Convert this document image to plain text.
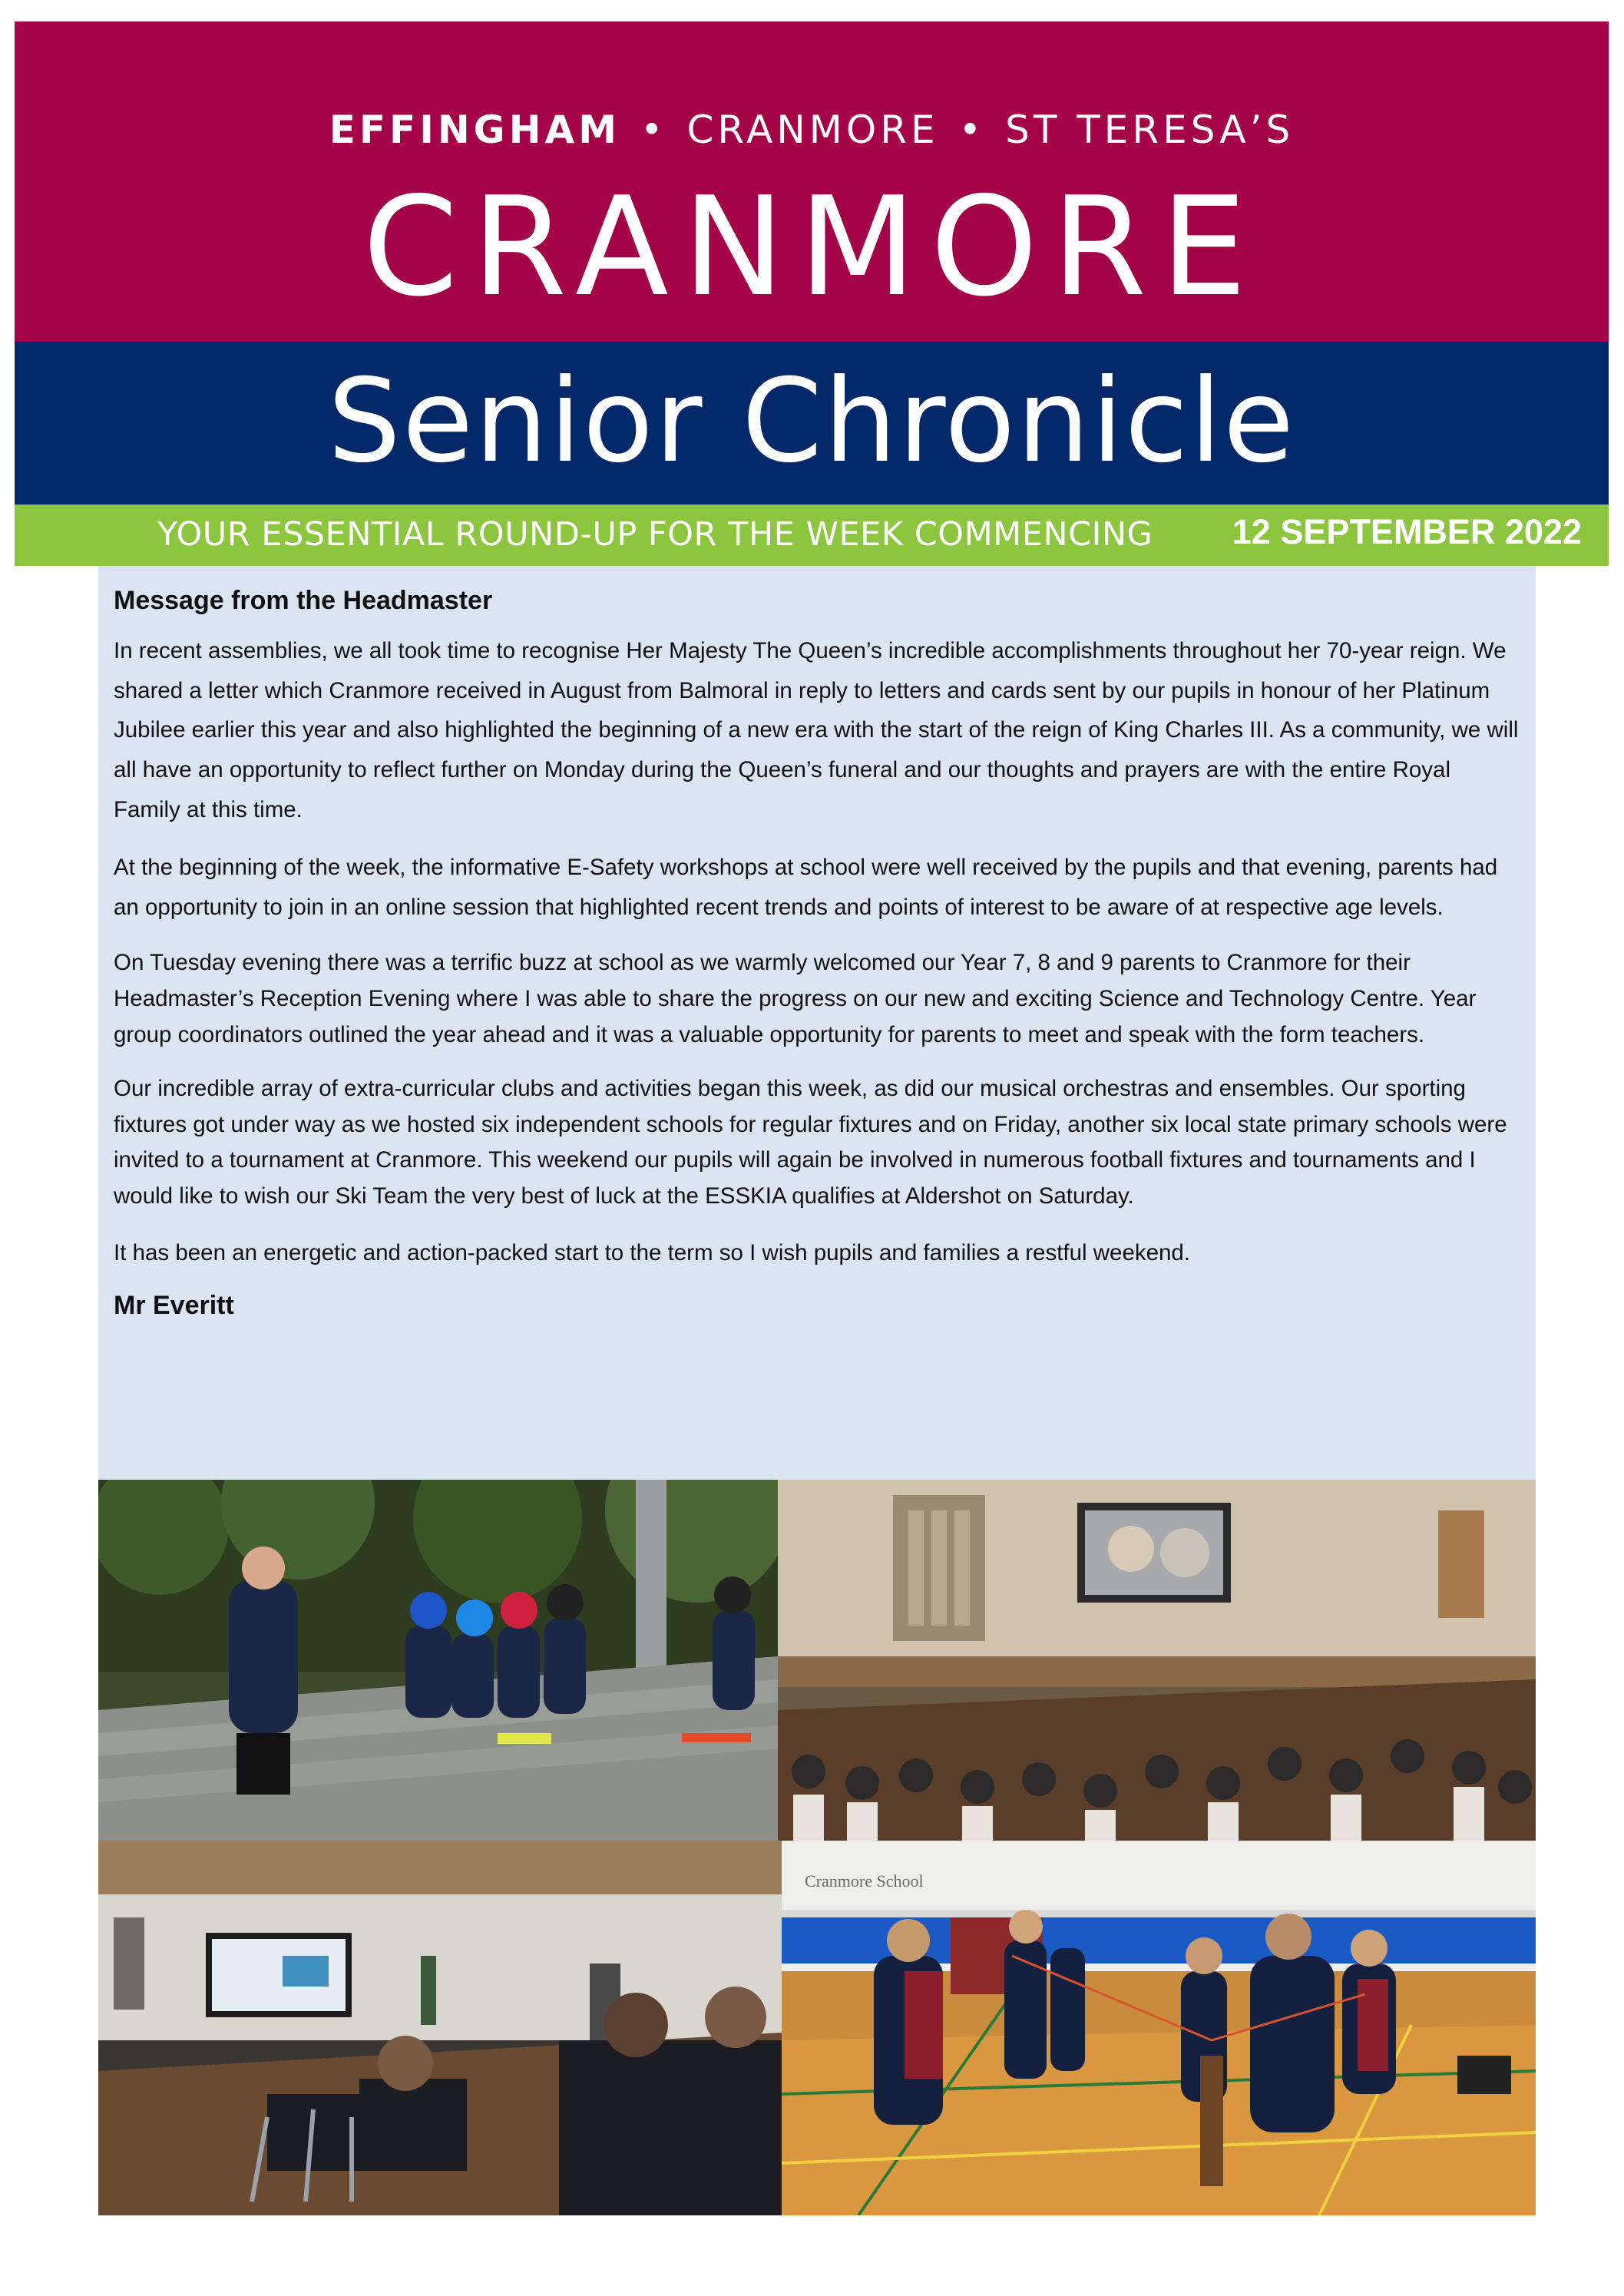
EFFINGHAM • CRANMORE • ST TERESA’S
CRANMORE
Senior Chronicle
YOUR ESSENTIAL ROUND-UP FOR THE WEEK COMMENCING 12 SEPTEMBER 2022
Message from the Headmaster

In recent assemblies, we all took time to recognise Her Majesty The Queen’s incredible accomplishments throughout her 70-year reign. We shared a letter which Cranmore received in August from Balmoral in reply to letters and cards sent by our pupils in honour of her Platinum Jubilee earlier this year and also highlighted the beginning of a new era with the start of the reign of King Charles III. As a community, we will all have an opportunity to reflect further on Monday during the Queen’s funeral and our thoughts and prayers are with the entire Royal Family at this time.

At the beginning of the week, the informative E-Safety workshops at school were well received by the pupils and that evening, parents had an opportunity to join in an online session that highlighted recent trends and points of interest to be aware of at respective age levels.

On Tuesday evening there was a terrific buzz at school as we warmly welcomed our Year 7, 8 and 9 parents to Cranmore for their Headmaster’s Reception Evening where I was able to share the progress on our new and exciting Science and Technology Centre. Year group coordinators outlined the year ahead and it was a valuable opportunity for parents to meet and speak with the form teachers.

Our incredible array of extra-curricular clubs and activities began this week, as did our musical orchestras and ensembles. Our sporting fixtures got under way as we hosted six independent schools for regular fixtures and on Friday, another six local state primary schools were invited to a tournament at Cranmore. This weekend our pupils will again be involved in numerous football fixtures and tournaments and I would like to wish our Ski Team the very best of luck at the ESSKIA qualifies at Aldershot on Saturday.

It has been an energetic and action-packed start to the term so I wish pupils and families a restful weekend.

Mr Everitt
Cranmore School
